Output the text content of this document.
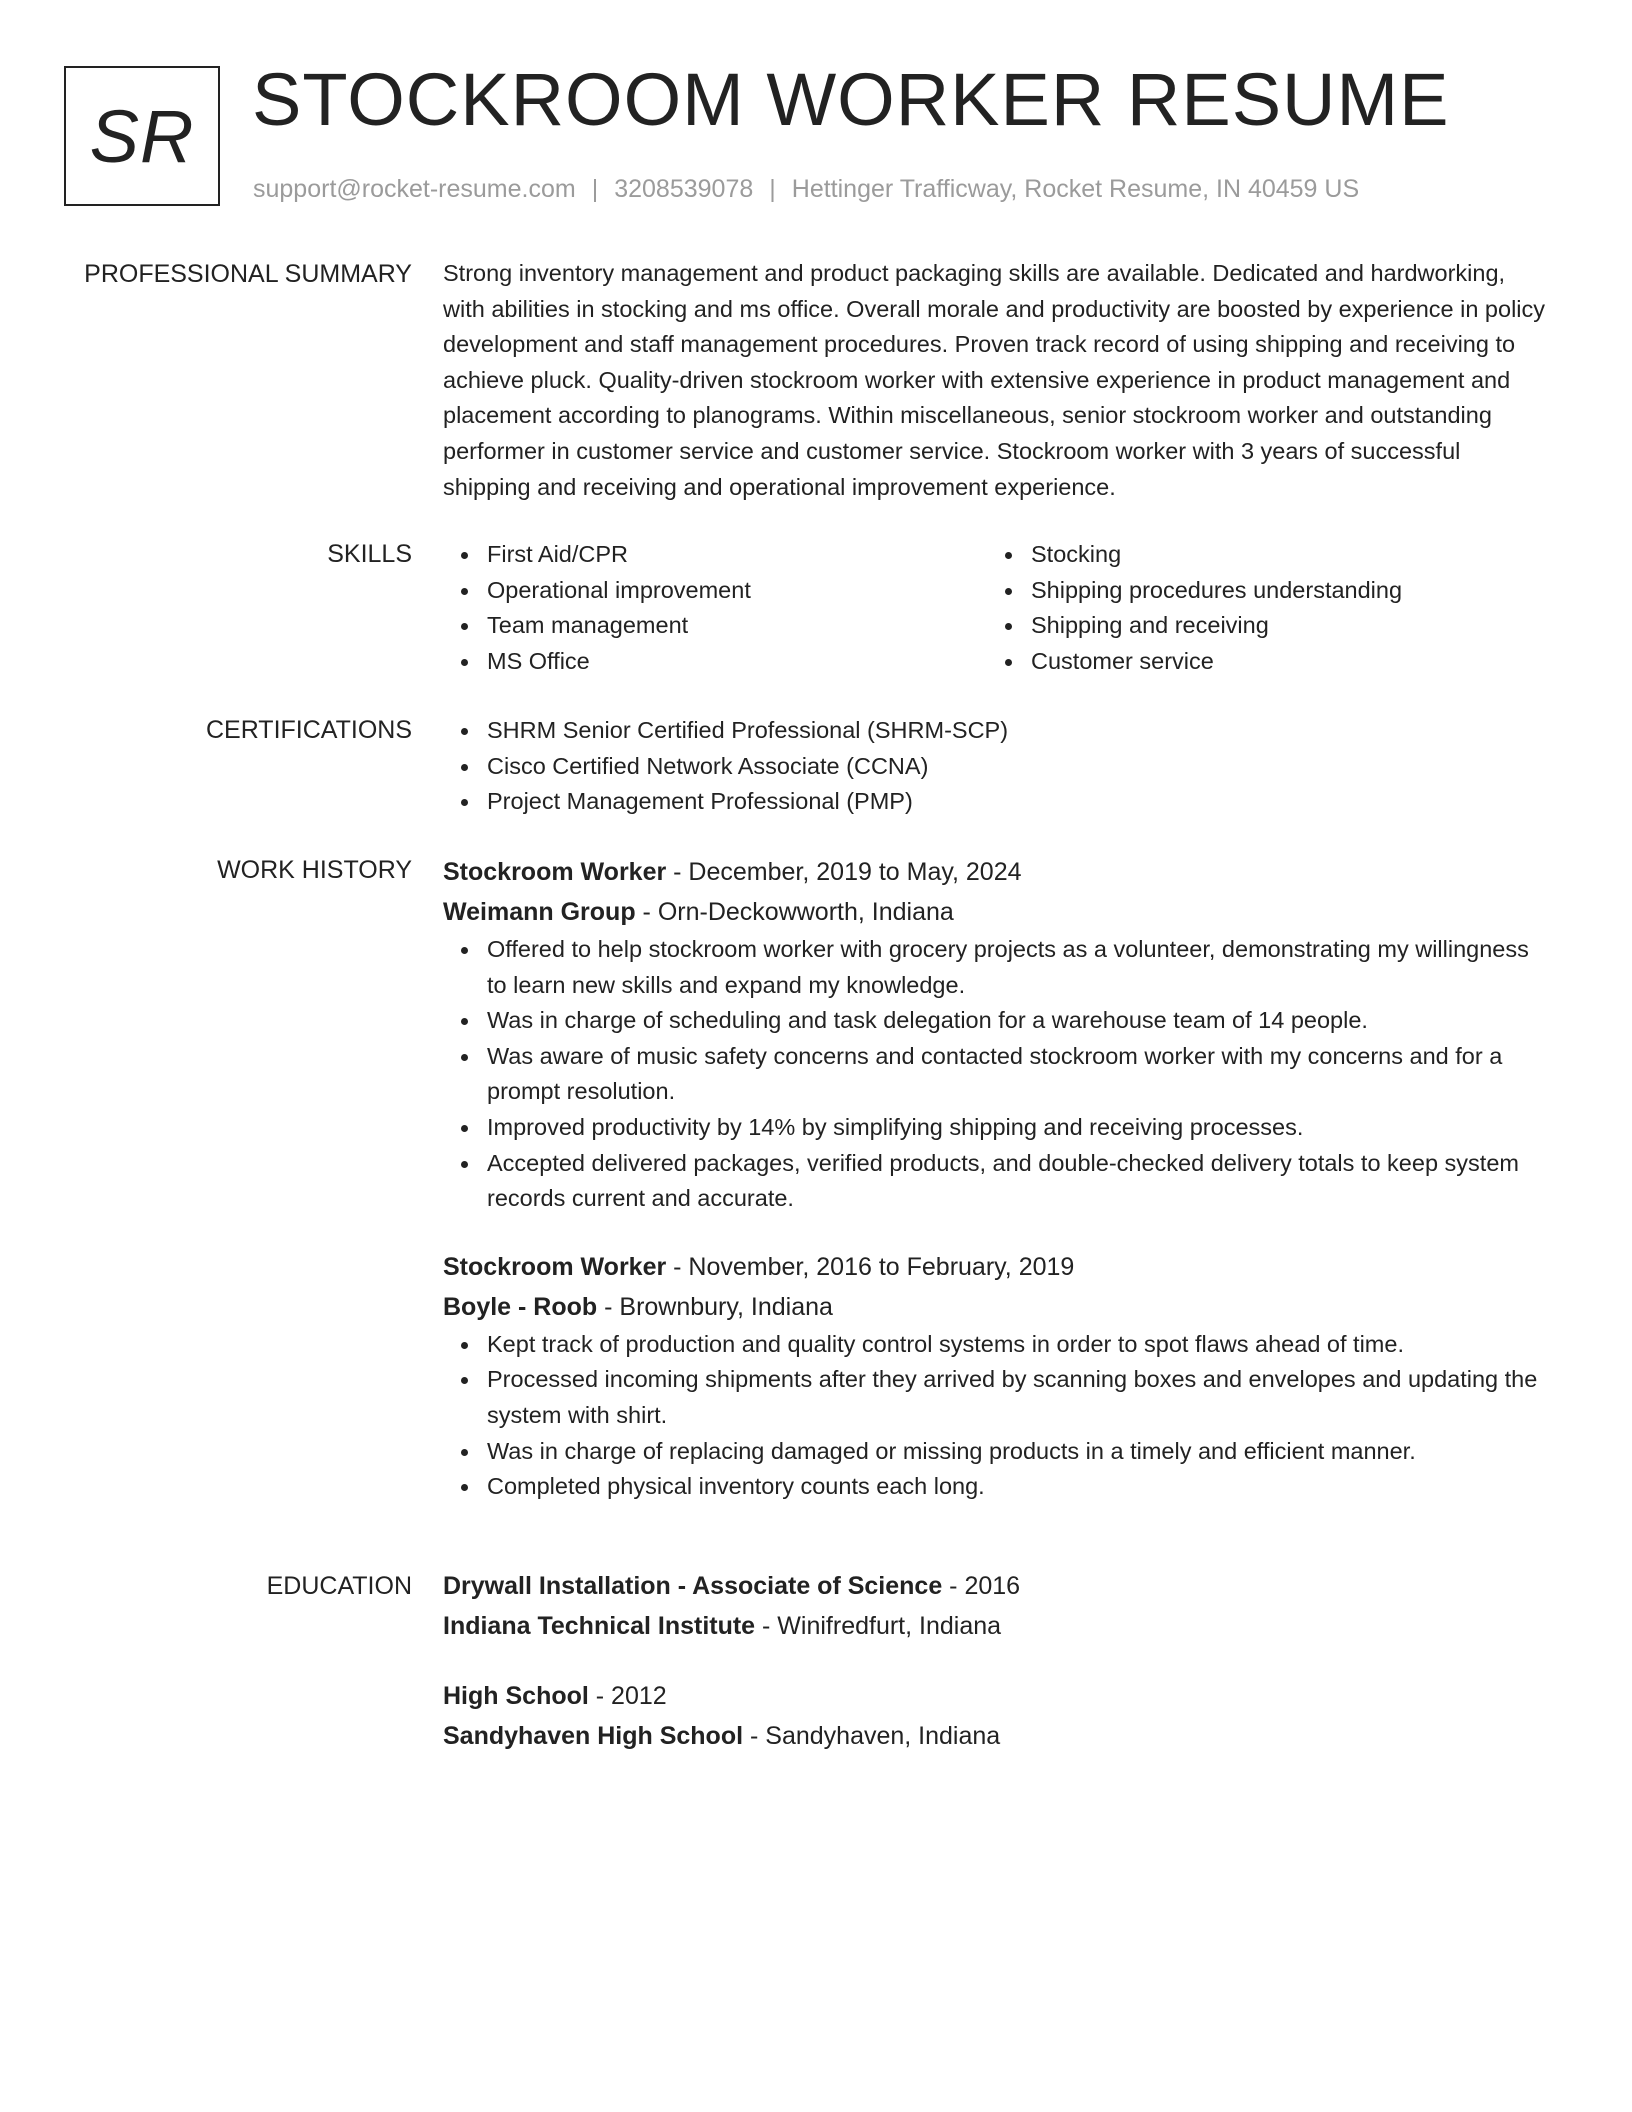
SR STOCKROOM WORKER RESUME
support@rocket-resume.com | 3208539078 | Hettinger Trafficway, Rocket Resume, IN 40459 US
PROFESSIONAL SUMMARY Strong inventory management and product packaging skills are available. Dedicated and hardworking, with abilities in stocking and ms office. Overall morale and productivity are boosted by experience in policy development and staff management procedures. Proven track record of using shipping and receiving to achieve pluck. Quality-driven stockroom worker with extensive experience in product management and placement according to planograms. Within miscellaneous, senior stockroom worker and outstanding performer in customer service and customer service. Stockroom worker with 3 years of successful shipping and receiving and operational improvement experience.

SKILLS	First Aid/CPR
Operational improvement
Team management
MS Office
Stocking
Shipping procedures understanding
Shipping and receiving
Customer service
CERTIFICATIONS	SHRM Senior Certified Professional (SHRM-SCP)
Cisco Certified Network Associate (CCNA)
Project Management Professional (PMP)
WORK HISTORY Stockroom Worker - December, 2019 to May, 2024
Weimann Group - Orn-Deckowworth, Indiana
Offered to help stockroom worker with grocery projects as a volunteer, demonstrating my willingness to learn new skills and expand my knowledge.
Was in charge of scheduling and task delegation for a warehouse team of 14 people.
Was aware of music safety concerns and contacted stockroom worker with my concerns and for a prompt resolution.
Improved productivity by 14% by simplifying shipping and receiving processes.
Accepted delivered packages, verified products, and double-checked delivery totals to keep system records current and accurate.
Stockroom Worker - November, 2016 to February, 2019
Boyle - Roob - Brownbury, Indiana
Kept track of production and quality control systems in order to spot flaws ahead of time.
Processed incoming shipments after they arrived by scanning boxes and envelopes and updating the system with shirt.
Was in charge of replacing damaged or missing products in a timely and efficient manner.
Completed physical inventory counts each long.
EDUCATION Drywall Installation - Associate of Science - 2016
Indiana Technical Institute - Winifredfurt, Indiana
High School - 2012
Sandyhaven High School - Sandyhaven, Indiana
